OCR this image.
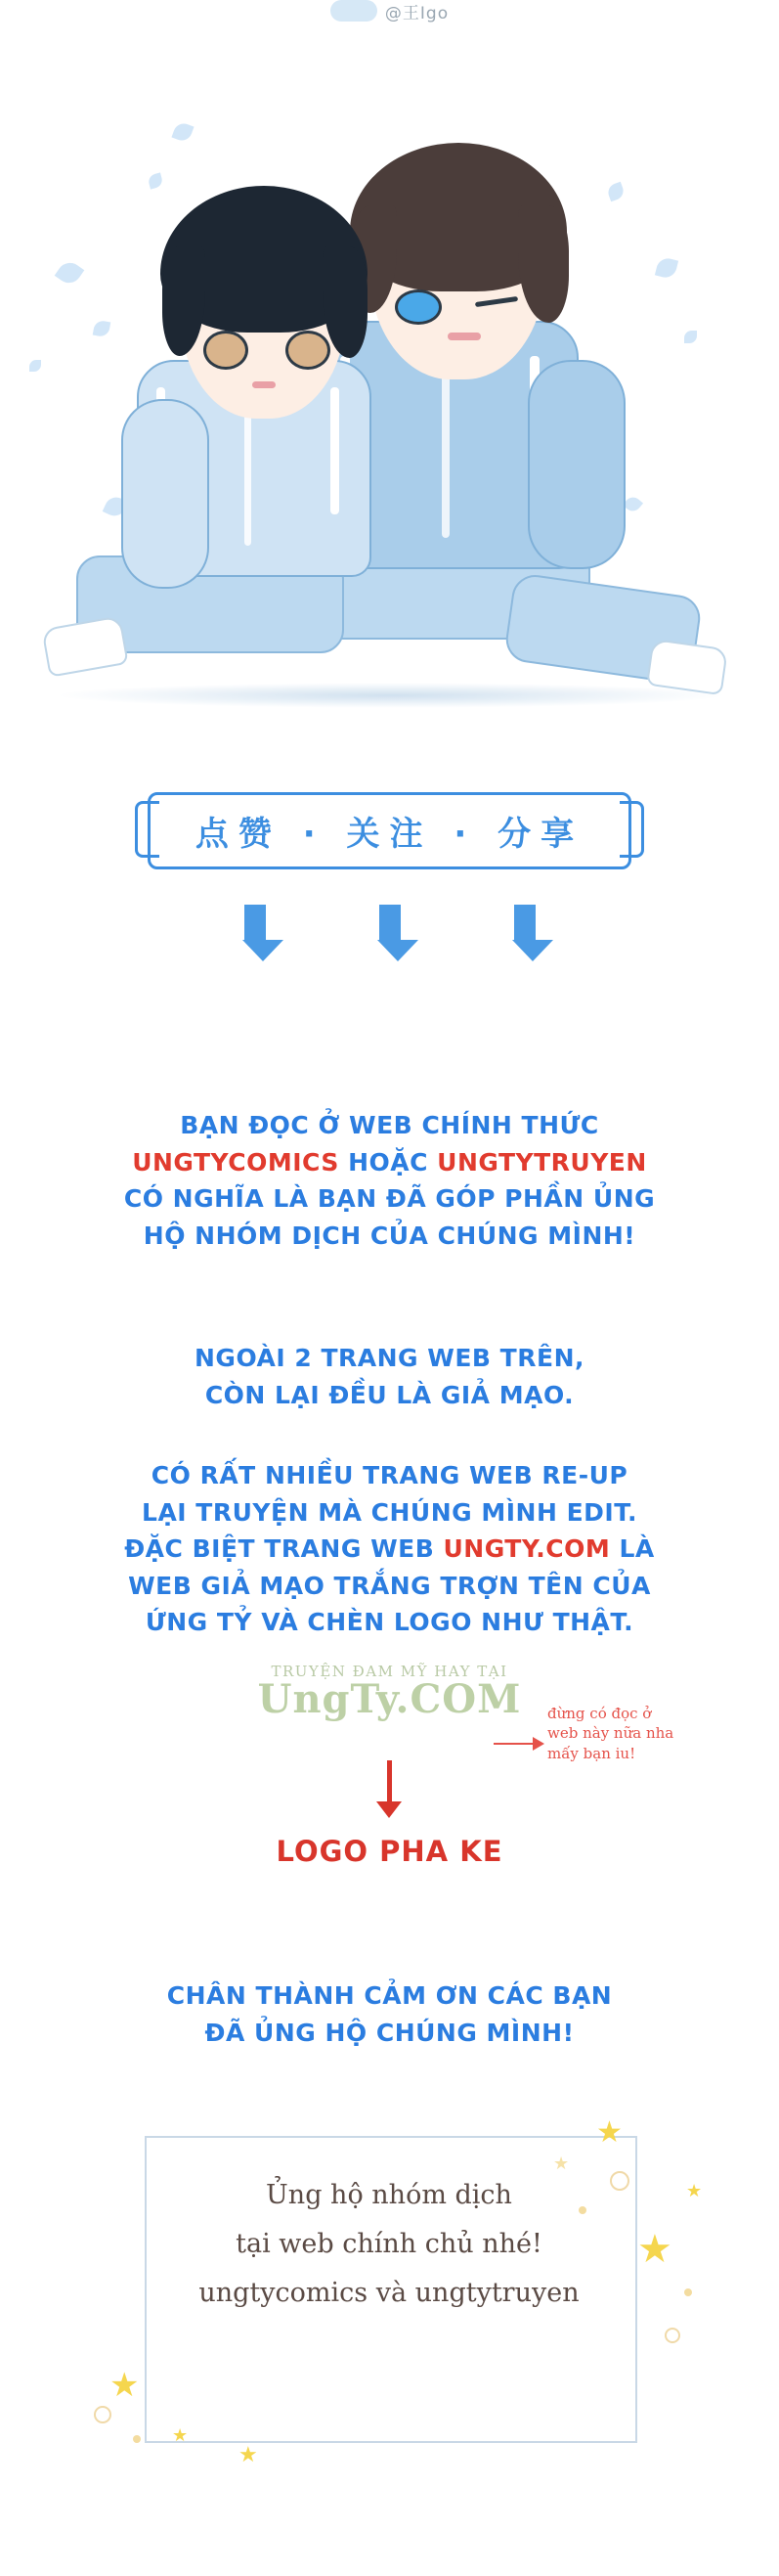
@王Igo
点赞 · 关注 · 分享
BẠN ĐỌC Ở WEB CHÍNH THỨC
UNGTYCOMICS HOẶC UNGTYTRUYEN
CÓ NGHĨA LÀ BẠN ĐÃ GÓP PHẦN ỦNG
HỘ NHÓM DỊCH CỦA CHÚNG MÌNH!
NGOÀI 2 TRANG WEB TRÊN,
CÒN LẠI ĐỀU LÀ GIẢ MẠO.
CÓ RẤT NHIỀU TRANG WEB RE-UP
LẠI TRUYỆN MÀ CHÚNG MÌNH EDIT.
ĐẶC BIỆT TRANG WEB UNGTY.COM LÀ
WEB GIẢ MẠO TRẮNG TRỢN TÊN CỦA
ỨNG TỶ VÀ CHÈN LOGO NHƯ THẬT.
TRUYỆN ĐAM MỸ HAY TẠI
UngTy.COM	đừng có đọc ở
web này nữa nha
mấy bạn iu!
LOGO PHA KE
CHÂN THÀNH CẢM ƠN CÁC BẠN
ĐÃ ỦNG HỘ CHÚNG MÌNH!
★
★
★
★
★
★
★
Ủng hộ nhóm dịch
tại web chính chủ nhé!
ungtycomics và ungtytruyen
